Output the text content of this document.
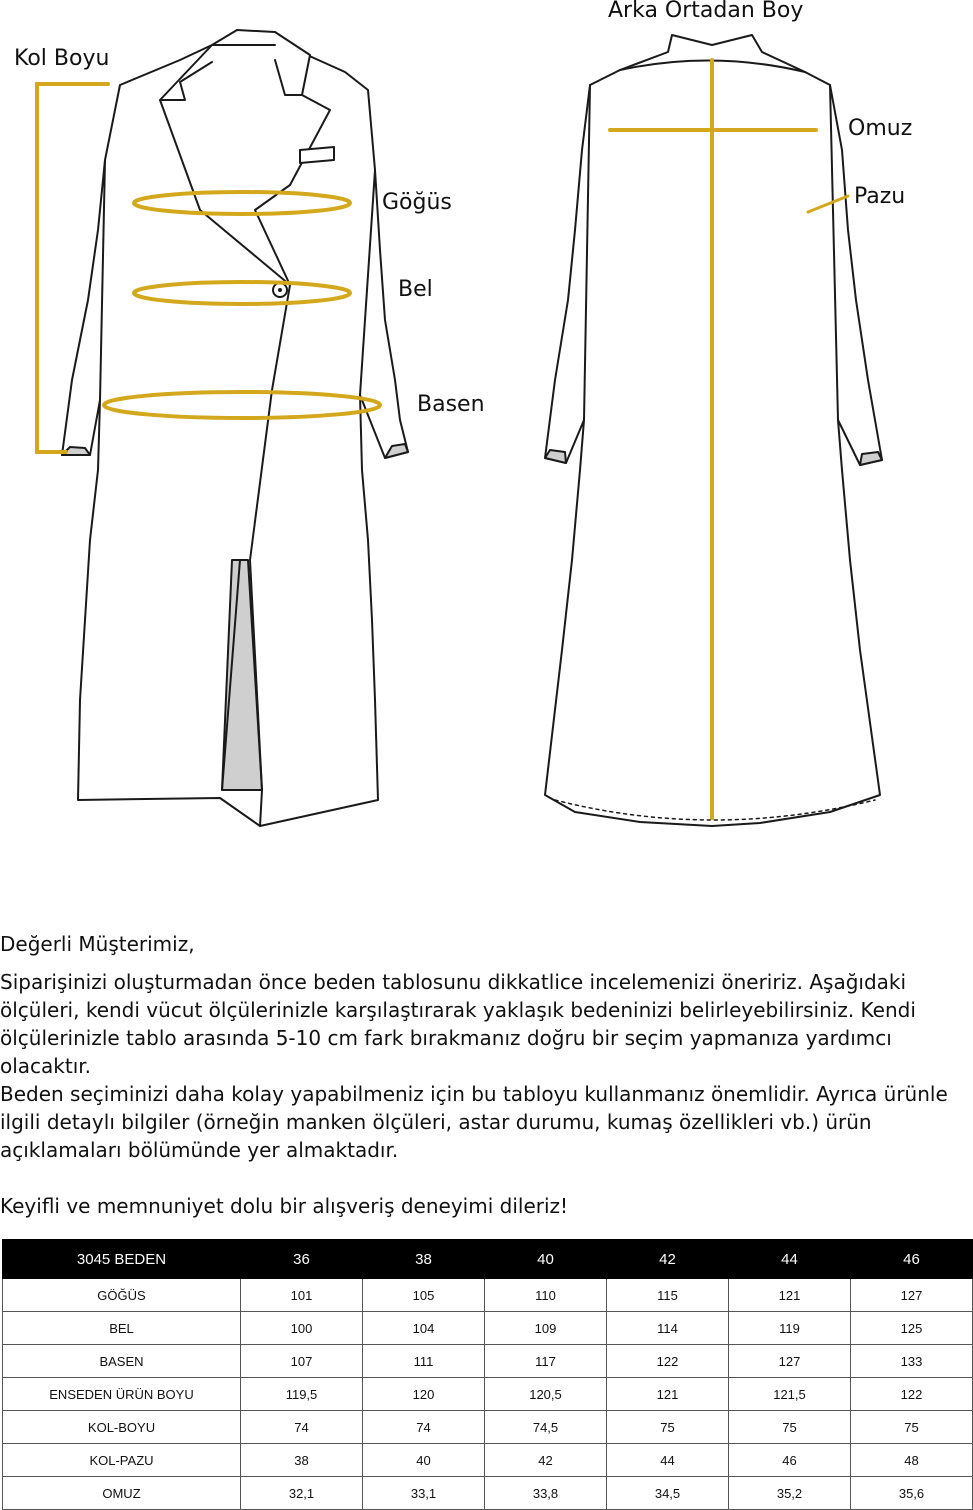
Kol Boyu
Arka Ortadan Boy
Omuz
Pazu
Göğüs
Bel
Basen

Değerli Müşterimiz,

Siparişinizi oluşturmadan önce beden tablosunu dikkatlice incelemenizi öneririz. Aşağıdaki ölçüleri, kendi vücut ölçülerinizle karşılaştırarak yaklaşık bedeninizi belirleyebilirsiniz. Kendi ölçülerinizle tablo arasında 5-10 cm fark bırakmanız doğru bir seçim yapmanıza yardımcı olacaktır.

Beden seçiminizi daha kolay yapabilmeniz için bu tabloyu kullanmanız önemlidir. Ayrıca ürünle ilgili detaylı bilgiler (örneğin manken ölçüleri, astar durumu, kumaş özellikleri vb.) ürün açıklamaları bölümünde yer almaktadır.

Keyifli ve memnuniyet dolu bir alışveriş deneyimi dileriz!

3045 BEDEN	36	38	40	42	44	46
GÖĞÜS	101	105	110	115	121	127
BEL	100	104	109	114	119	125
BASEN	107	111	117	122	127	133
ENSEDEN ÜRÜN BOYU	119,5	120	120,5	121	121,5	122
KOL-BOYU	74	74	74,5	75	75	75
KOL-PAZU	38	40	42	44	46	48
OMUZ	32,1	33,1	33,8	34,5	35,2	35,6
